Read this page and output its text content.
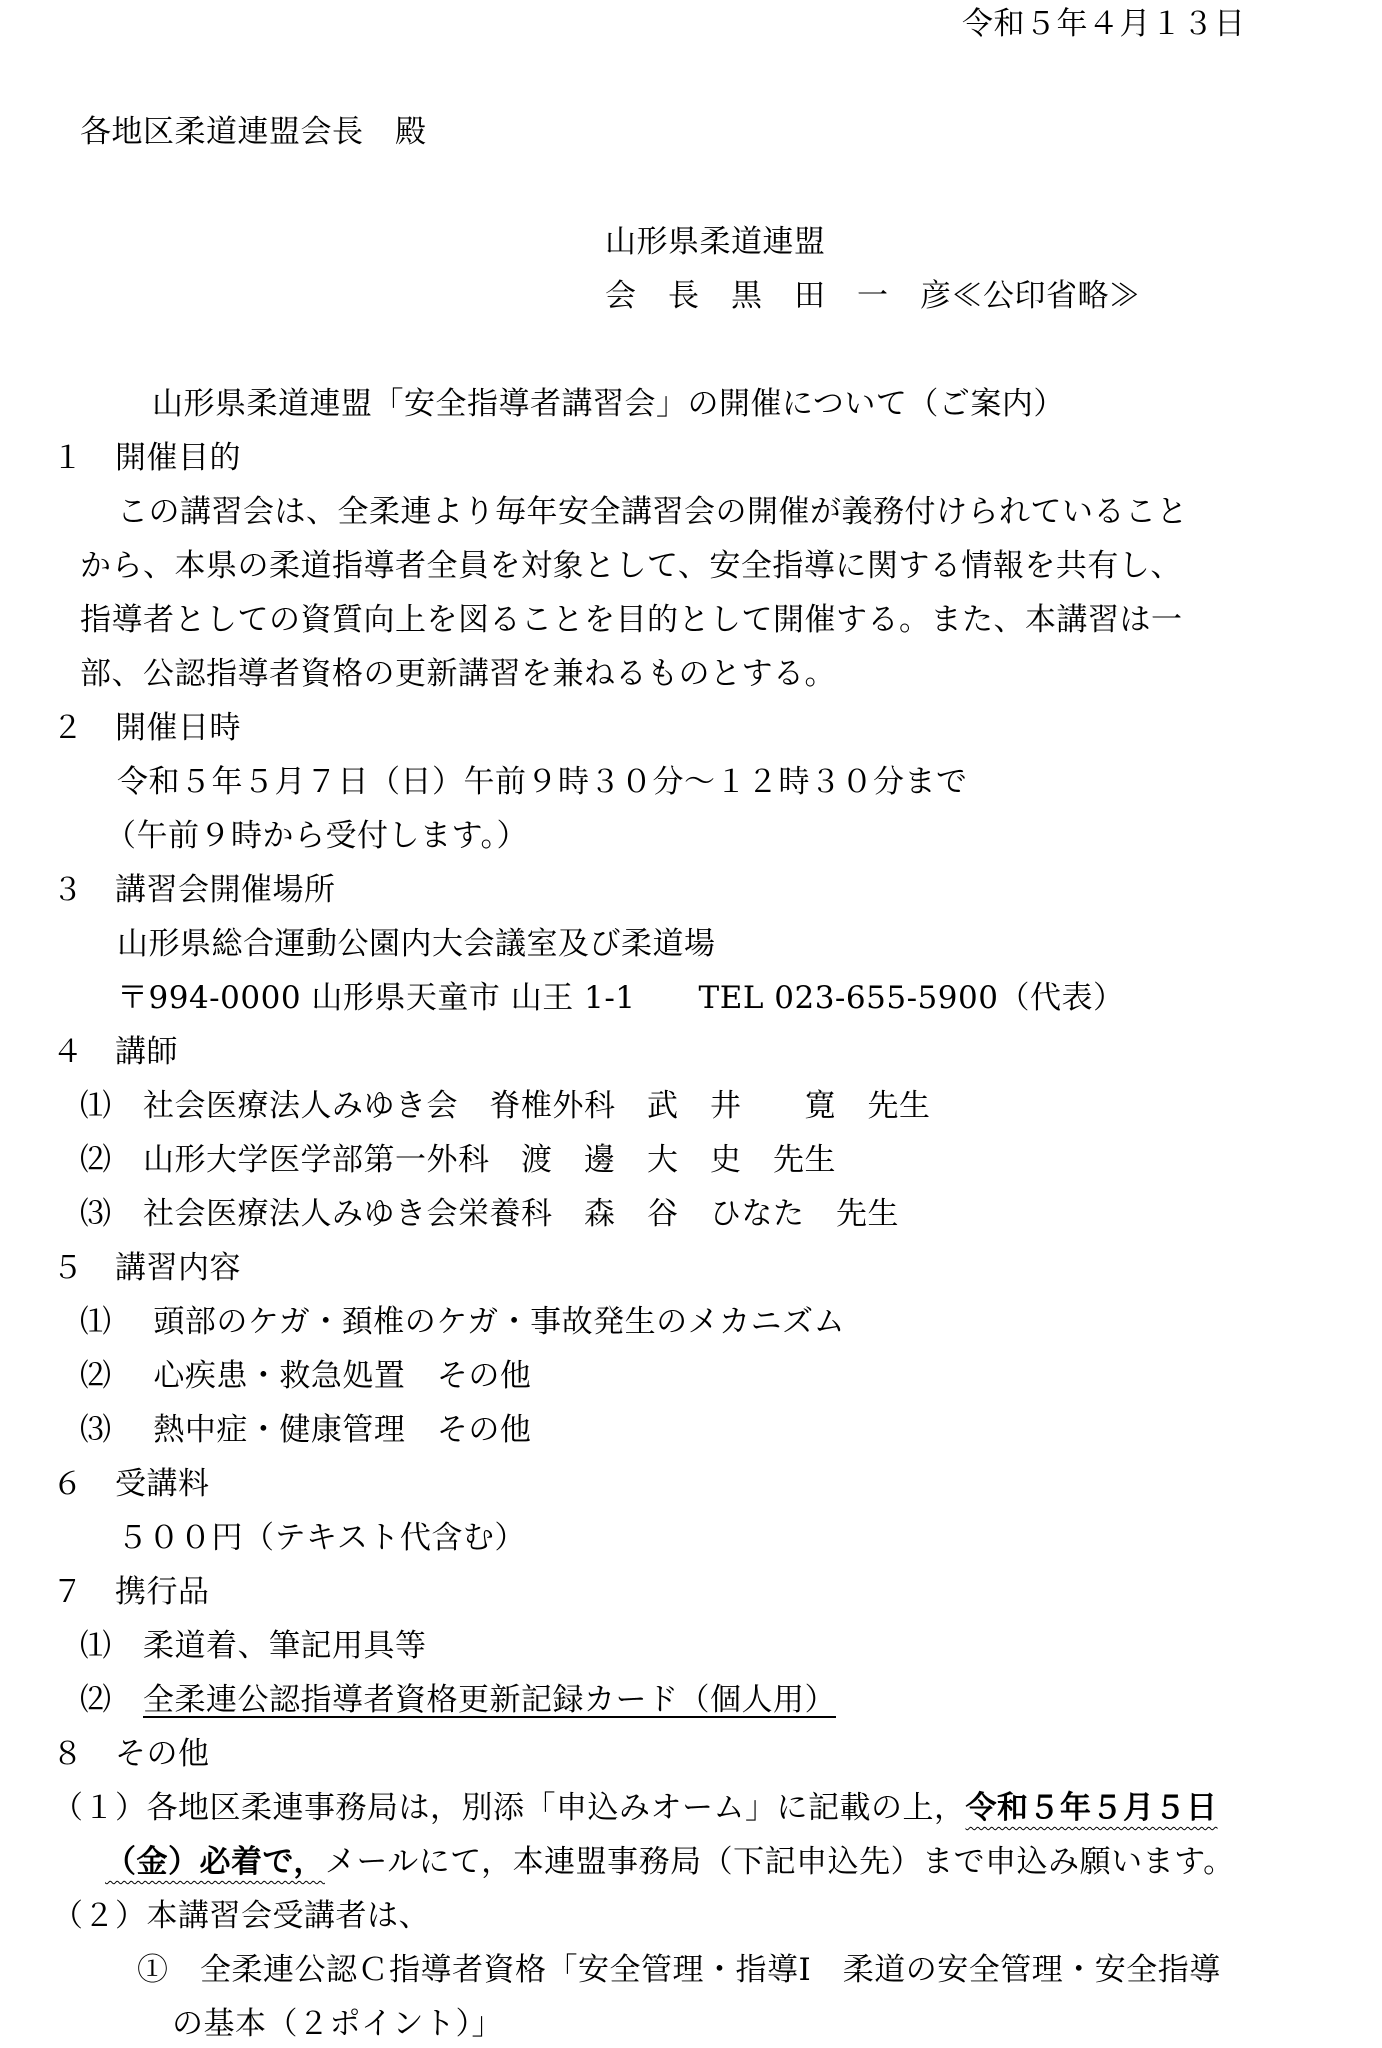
令和５年４月１３日
各地区柔道連盟会長　殿
山形県柔道連盟
会　長　黒　田　一　彦≪公印省略≫
山形県柔道連盟「安全指導者講習会」の開催について（ご案内）
１　開催目的
この講習会は、全柔連より毎年安全講習会の開催が義務付けられていること
から、本県の柔道指導者全員を対象として、安全指導に関する情報を共有し、
指導者としての資質向上を図ることを目的として開催する。また、本講習は一
部、公認指導者資格の更新講習を兼ねるものとする。
２　開催日時
令和５年５月７日（日）午前９時３０分～１２時３０分まで
（午前９時から受付します。）
３　講習会開催場所
山形県総合運動公園内大会議室及び柔道場
〒994-0000 山形県天童市 山王 1-1　　TEL 023-655-5900（代表）
４　講師
⑴　社会医療法人みゆき会　脊椎外科　武　井　　寛　先生
⑵　山形大学医学部第一外科　渡　邊　大　史　先生
⑶　社会医療法人みゆき会栄養科　森　谷　ひなた　先生
５　講習内容
⑴　 頭部のケガ・頚椎のケガ・事故発生のメカニズム
⑵　 心疾患・救急処置　その他
⑶　 熱中症・健康管理　その他
６　受講料
５００円（テキスト代含む）
７　携行品
⑴　柔道着、筆記用具等
⑵　全柔連公認指導者資格更新記録カード（個人用）
８　その他
（１）各地区柔連事務局は，別添「申込みオーム」に記載の上，令和５年５月５日
（金）必着で，メールにて，本連盟事務局（下記申込先）まで申込み願います。
（２）本講習会受講者は、
①　全柔連公認Ｃ指導者資格「安全管理・指導Ⅰ　柔道の安全管理・安全指導
の基本（２ポイント）」
